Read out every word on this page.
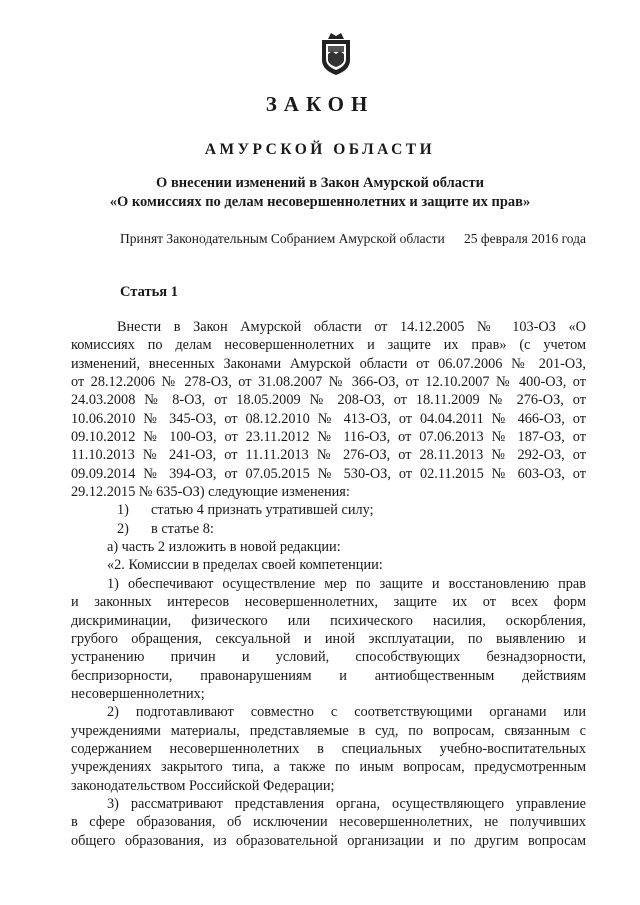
ЗАКОН
АМУРСКОЙ ОБЛАСТИ
О внесении изменений в Закон Амурской области
«О комиссиях по делам несовершеннолетних и защите их прав»
Принят Законодательным Собранием Амурской области 25 февраля 2016 года
Статья 1
Внести в Закон Амурской области от 14.12.2005 № 103-ОЗ «О
комиссиях по делам несовершеннолетних и защите их прав» (с учетом
изменений, внесенных Законами Амурской области от 06.07.2006 № 201-ОЗ,
от 28.12.2006 № 278-ОЗ, от 31.08.2007 № 366-ОЗ, от 12.10.2007 № 400-ОЗ, от
24.03.2008 № 8-ОЗ, от 18.05.2009 № 208-ОЗ, от 18.11.2009 № 276-ОЗ, от
10.06.2010 № 345-ОЗ, от 08.12.2010 № 413-ОЗ, от 04.04.2011 № 466-ОЗ, от
09.10.2012 № 100-ОЗ, от 23.11.2012 № 116-ОЗ, от 07.06.2013 № 187-ОЗ, от
11.10.2013 № 241-ОЗ, от 11.11.2013 № 276-ОЗ, от 28.11.2013 № 292-ОЗ, от
09.09.2014 № 394-ОЗ, от 07.05.2015 № 530-ОЗ, от 02.11.2015 № 603-ОЗ, от
29.12.2015 № 635-ОЗ) следующие изменения:
1) статью 4 признать утратившей силу;
2) в статье 8:
а) часть 2 изложить в новой редакции:
«2. Комиссии в пределах своей компетенции:
1) обеспечивают осуществление мер по защите и восстановлению прав
и законных интересов несовершеннолетних, защите их от всех форм
дискриминации, физического или психического насилия, оскорбления,
грубого обращения, сексуальной и иной эксплуатации, по выявлению и
устранению причин и условий, способствующих безнадзорности,
беспризорности, правонарушениям и антиобщественным действиям
несовершеннолетних;
2) подготавливают совместно с соответствующими органами или
учреждениями материалы, представляемые в суд, по вопросам, связанным с
содержанием несовершеннолетних в специальных учебно-воспитательных
учреждениях закрытого типа, а также по иным вопросам, предусмотренным
законодательством Российской Федерации;
3) рассматривают представления органа, осуществляющего управление
в сфере образования, об исключении несовершеннолетних, не получивших
общего образования, из образовательной организации и по другим вопросам
